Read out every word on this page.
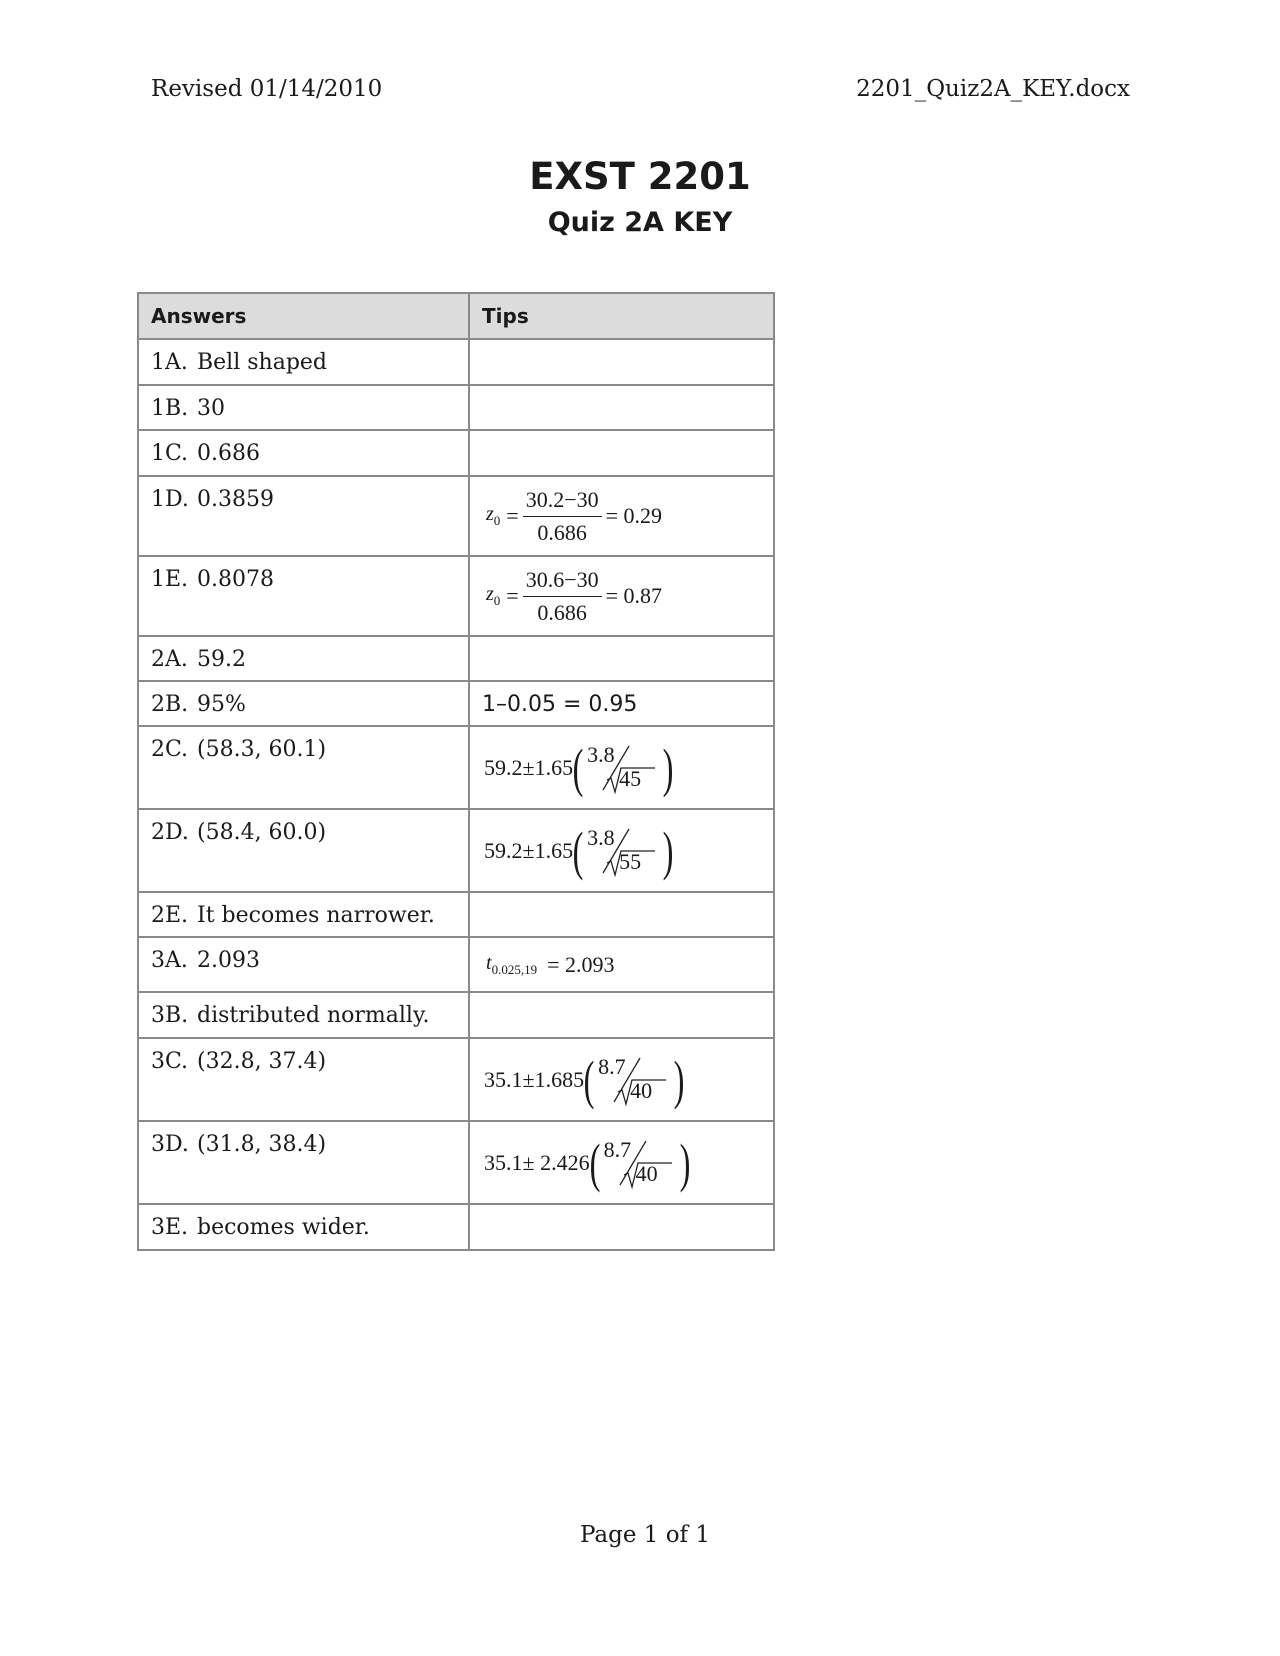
Revised 01/14/2010	2201_Quiz2A_KEY.docx
EXST 2201
Quiz 2A KEY
Answers	Tips
1A. Bell shaped	
1B. 30	
1C. 0.686	
1D. 0.3859	$z_0 = \frac{30.2-30}{0.686} = 0.29$

1E. 0.8078	$z_0 = \frac{30.6-30}{0.686} = 0.87$

2A. 59.2	
2B. 95%	1–0.05 = 0.95
2C. (58.3, 60.1)	59.2±1.65 ( 3.8
45 )

2D. (58.4, 60.0)	59.2±1.65 ( 3.8
55 )

2E. It becomes narrower.	
3A. 2.093	$t_{0.025,19} = 2.093$

3B. distributed normally.	
3C. (32.8, 37.4)	35.1±1.685 ( 8.7
40 )

3D. (31.8, 38.4)	35.1± 2.426 ( 8.7
40 )

3E. becomes wider.	
Page 1 of 1
